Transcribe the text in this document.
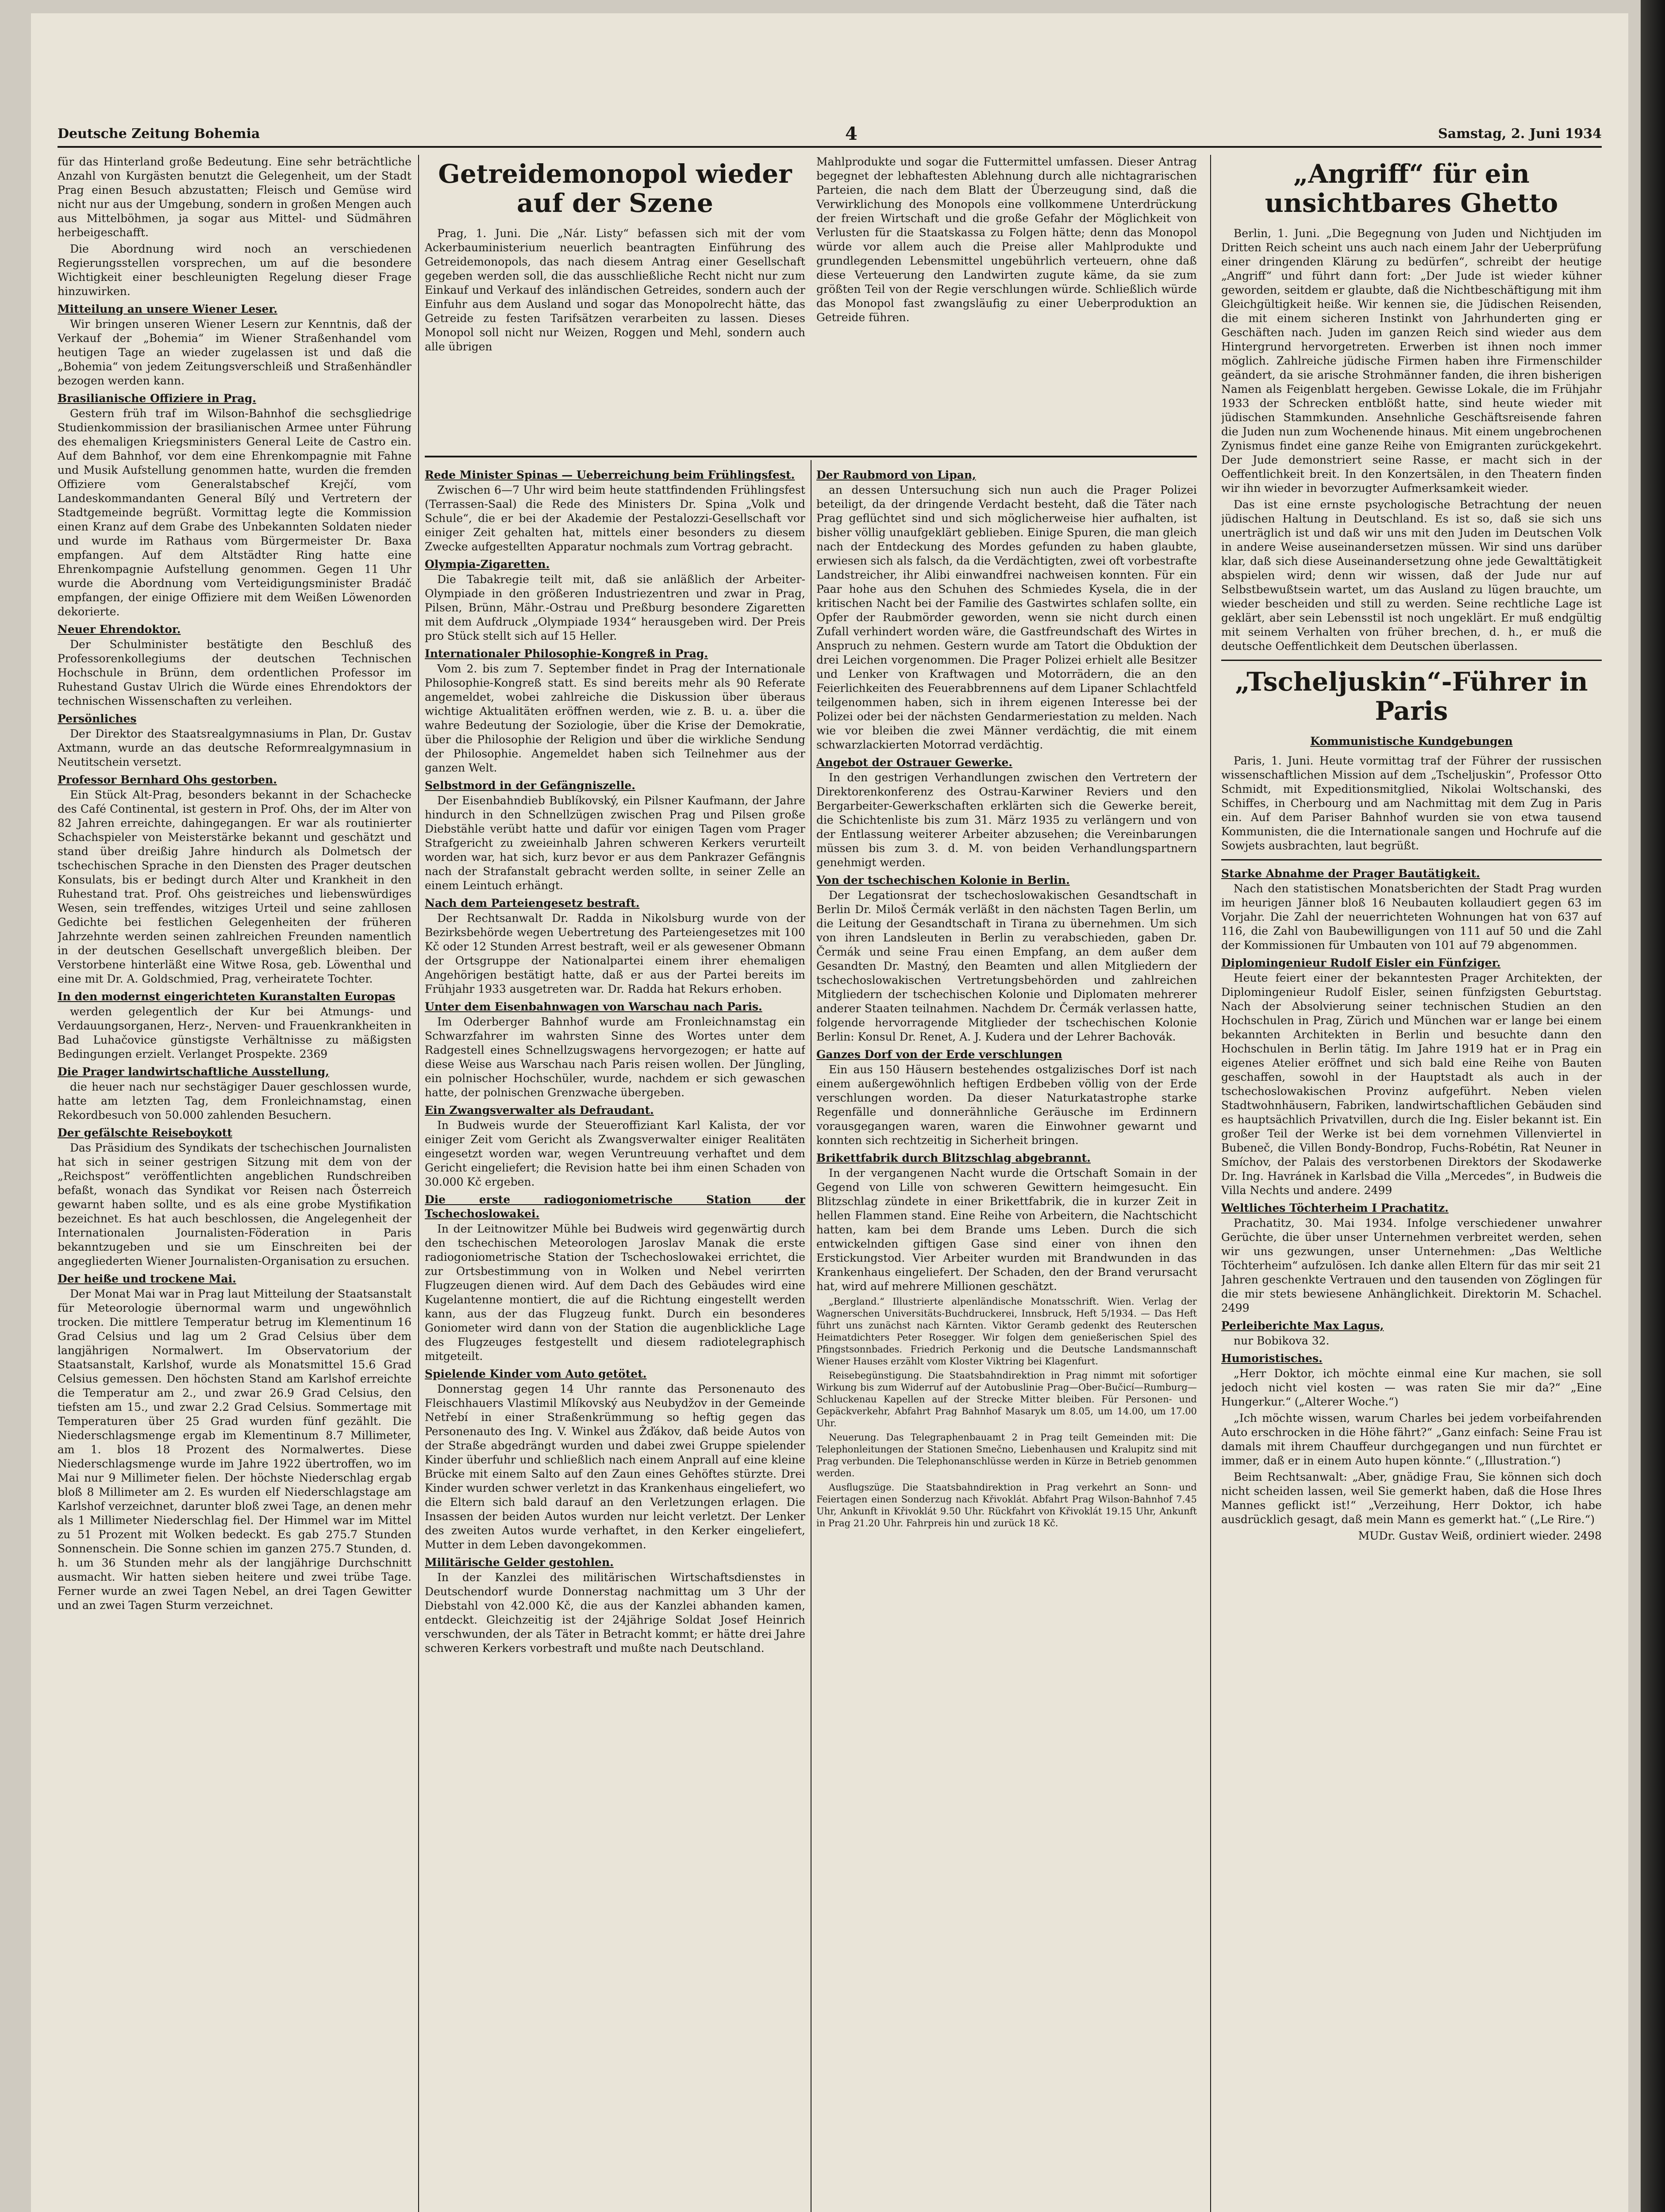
Deutsche Zeitung Bohemia	4	Samstag, 2. Juni 1934

für das Hinterland große Bedeutung. Eine sehr beträchtliche Anzahl von Kurgästen benutzt die Gelegenheit, um der Stadt Prag einen Besuch abzustatten; Fleisch und Gemüse wird nicht nur aus der Umgebung, sondern in großen Mengen auch aus Mittelböhmen, ja sogar aus Mittel- und Südmähren herbeigeschafft.

Die Abordnung wird noch an verschiedenen Regierungsstellen vorsprechen, um auf die besondere Wichtigkeit einer beschleunigten Regelung dieser Frage hinzuwirken.

Mitteilung an unsere Wiener Leser.

Wir bringen unseren Wiener Lesern zur Kenntnis, daß der Verkauf der „Bohemia“ im Wiener Straßenhandel vom heutigen Tage an wieder zugelassen ist und daß die „Bohemia“ von jedem Zeitungsverschleiß und Straßenhändler bezogen werden kann.

Brasilianische Offiziere in Prag.

Gestern früh traf im Wilson-Bahnhof die sechsgliedrige Studienkommission der brasilianischen Armee unter Führung des ehemaligen Kriegsministers General Leite de Castro ein. Auf dem Bahnhof, vor dem eine Ehrenkompagnie mit Fahne und Musik Aufstellung genommen hatte, wurden die fremden Offiziere vom Generalstabschef Krejčí, vom Landeskommandanten General Bílý und Vertretern der Stadtgemeinde begrüßt. Vormittag legte die Kommission einen Kranz auf dem Grabe des Unbekannten Soldaten nieder und wurde im Rathaus vom Bürgermeister Dr. Baxa empfangen. Auf dem Altstädter Ring hatte eine Ehrenkompagnie Aufstellung genommen. Gegen 11 Uhr wurde die Abordnung vom Verteidigungsminister Bradáč empfangen, der einige Offiziere mit dem Weißen Löwenorden dekorierte.

Neuer Ehrendoktor.

Der Schulminister bestätigte den Beschluß des Professorenkollegiums der deutschen Technischen Hochschule in Brünn, dem ordentlichen Professor im Ruhestand Gustav Ulrich die Würde eines Ehrendoktors der technischen Wissenschaften zu verleihen.

Persönliches

Der Direktor des Staatsrealgymnasiums in Plan, Dr. Gustav Axtmann, wurde an das deutsche Reformrealgymnasium in Neutitschein versetzt.

Professor Bernhard Ohs gestorben.

Ein Stück Alt-Prag, besonders bekannt in der Schachecke des Café Continental, ist gestern in Prof. Ohs, der im Alter von 82 Jahren erreichte, dahingegangen. Er war als routinierter Schachspieler von Meisterstärke bekannt und geschätzt und stand über dreißig Jahre hindurch als Dolmetsch der tschechischen Sprache in den Diensten des Prager deutschen Konsulats, bis er bedingt durch Alter und Krankheit in den Ruhestand trat. Prof. Ohs geistreiches und liebenswürdiges Wesen, sein treffendes, witziges Urteil und seine zahllosen Gedichte bei festlichen Gelegenheiten der früheren Jahrzehnte werden seinen zahlreichen Freunden namentlich in der deutschen Gesellschaft unvergeßlich bleiben. Der Verstorbene hinterläßt eine Witwe Rosa, geb. Löwenthal und eine mit Dr. A. Goldschmied, Prag, verheiratete Tochter.

In den modernst eingerichteten Kuranstalten Europas

werden gelegentlich der Kur bei Atmungs- und Verdauungsorganen, Herz-, Nerven- und Frauenkrankheiten in Bad Luhačovice günstigste Verhältnisse zu mäßigsten Bedingungen erzielt. Verlanget Prospekte. 2369

Die Prager landwirtschaftliche Ausstellung,

die heuer nach nur sechstägiger Dauer geschlossen wurde, hatte am letzten Tag, dem Fronleichnamstag, einen Rekordbesuch von 50.000 zahlenden Besuchern.

Der gefälschte Reiseboykott

Das Präsidium des Syndikats der tschechischen Journalisten hat sich in seiner gestrigen Sitzung mit dem von der „Reichspost“ veröffentlichten angeblichen Rundschreiben befaßt, wonach das Syndikat vor Reisen nach Österreich gewarnt haben sollte, und es als eine grobe Mystifikation bezeichnet. Es hat auch beschlossen, die Angelegenheit der Internationalen Journalisten-Föderation in Paris bekanntzugeben und sie um Einschreiten bei der angegliederten Wiener Journalisten-Organisation zu ersuchen.

Der heiße und trockene Mai.

Der Monat Mai war in Prag laut Mitteilung der Staatsanstalt für Meteorologie übernormal warm und ungewöhnlich trocken. Die mittlere Temperatur betrug im Klementinum 16 Grad Celsius und lag um 2 Grad Celsius über dem langjährigen Normalwert. Im Observatorium der Staatsanstalt, Karlshof, wurde als Monatsmittel 15.6 Grad Celsius gemessen. Den höchsten Stand am Karlshof erreichte die Temperatur am 2., und zwar 26.9 Grad Celsius, den tiefsten am 15., und zwar 2.2 Grad Celsius. Sommertage mit Temperaturen über 25 Grad wurden fünf gezählt. Die Niederschlagsmenge ergab im Klementinum 8.7 Millimeter, am 1. blos 18 Prozent des Normalwertes. Diese Niederschlagsmenge wurde im Jahre 1922 übertroffen, wo im Mai nur 9 Millimeter fielen. Der höchste Niederschlag ergab bloß 8 Millimeter am 2. Es wurden elf Niederschlagstage am Karlshof verzeichnet, darunter bloß zwei Tage, an denen mehr als 1 Millimeter Niederschlag fiel. Der Himmel war im Mittel zu 51 Prozent mit Wolken bedeckt. Es gab 275.7 Stunden Sonnenschein. Die Sonne schien im ganzen 275.7 Stunden, d. h. um 36 Stunden mehr als der langjährige Durchschnitt ausmacht. Wir hatten sieben heitere und zwei trübe Tage. Ferner wurde an zwei Tagen Nebel, an drei Tagen Gewitter und an zwei Tagen Sturm verzeichnet.

Getreidemonopol wieder auf der Szene

Prag, 1. Juni. Die „Nár. Listy“ befassen sich mit der vom Ackerbauministerium neuerlich beantragten Einführung des Getreidemonopols, das nach diesem Antrag einer Gesellschaft gegeben werden soll, die das ausschließliche Recht nicht nur zum Einkauf und Verkauf des inländischen Getreides, sondern auch der Einfuhr aus dem Ausland und sogar das Monopolrecht hätte, das Getreide zu festen Tarifsätzen verarbeiten zu lassen. Dieses Monopol soll nicht nur Weizen, Roggen und Mehl, sondern auch alle übrigen

Mahlprodukte und sogar die Futtermittel umfassen. Dieser Antrag begegnet der lebhaftesten Ablehnung durch alle nichtagrarischen Parteien, die nach dem Blatt der Überzeugung sind, daß die Verwirklichung des Monopols eine vollkommene Unterdrückung der freien Wirtschaft und die große Gefahr der Möglichkeit von Verlusten für die Staatskassa zu Folgen hätte; denn das Monopol würde vor allem auch die Preise aller Mahlprodukte und grundlegenden Lebensmittel ungebührlich verteuern, ohne daß diese Verteuerung den Landwirten zugute käme, da sie zum größten Teil von der Regie verschlungen würde. Schließlich würde das Monopol fast zwangsläufig zu einer Ueberproduktion an Getreide führen.

Rede Minister Spinas — Ueberreichung beim Frühlingsfest.

Zwischen 6—7 Uhr wird beim heute stattfindenden Frühlingsfest (Terrassen-Saal) die Rede des Ministers Dr. Spina „Volk und Schule“, die er bei der Akademie der Pestalozzi-Gesellschaft vor einiger Zeit gehalten hat, mittels einer besonders zu diesem Zwecke aufgestellten Apparatur nochmals zum Vortrag gebracht.

Olympia-Zigaretten.

Die Tabakregie teilt mit, daß sie anläßlich der Arbeiter-Olympiade in den größeren Industriezentren und zwar in Prag, Pilsen, Brünn, Mähr.-Ostrau und Preßburg besondere Zigaretten mit dem Aufdruck „Olympiade 1934“ herausgeben wird. Der Preis pro Stück stellt sich auf 15 Heller.

Internationaler Philosophie-Kongreß in Prag.

Vom 2. bis zum 7. September findet in Prag der Internationale Philosophie-Kongreß statt. Es sind bereits mehr als 90 Referate angemeldet, wobei zahlreiche die Diskussion über überaus wichtige Aktualitäten eröffnen werden, wie z. B. u. a. über die wahre Bedeutung der Soziologie, über die Krise der Demokratie, über die Philosophie der Religion und über die wirkliche Sendung der Philosophie. Angemeldet haben sich Teilnehmer aus der ganzen Welt.

Selbstmord in der Gefängniszelle.

Der Eisenbahndieb Bublíkovský, ein Pilsner Kaufmann, der Jahre hindurch in den Schnellzügen zwischen Prag und Pilsen große Diebstähle verübt hatte und dafür vor einigen Tagen vom Prager Strafgericht zu zweieinhalb Jahren schweren Kerkers verurteilt worden war, hat sich, kurz bevor er aus dem Pankrazer Gefängnis nach der Strafanstalt gebracht werden sollte, in seiner Zelle an einem Leintuch erhängt.

Nach dem Parteiengesetz bestraft.

Der Rechtsanwalt Dr. Radda in Nikolsburg wurde von der Bezirksbehörde wegen Uebertretung des Parteiengesetzes mit 100 Kč oder 12 Stunden Arrest bestraft, weil er als gewesener Obmann der Ortsgruppe der Nationalpartei einem ihrer ehemaligen Angehörigen bestätigt hatte, daß er aus der Partei bereits im Frühjahr 1933 ausgetreten war. Dr. Radda hat Rekurs erhoben.

Unter dem Eisenbahnwagen von Warschau nach Paris.

Im Oderberger Bahnhof wurde am Fronleichnamstag ein Schwarzfahrer im wahrsten Sinne des Wortes unter dem Radgestell eines Schnellzugswagens hervorgezogen; er hatte auf diese Weise aus Warschau nach Paris reisen wollen. Der Jüngling, ein polnischer Hochschüler, wurde, nachdem er sich gewaschen hatte, der polnischen Grenzwache übergeben.

Ein Zwangsverwalter als Defraudant.

In Budweis wurde der Steueroffiziant Karl Kalista, der vor einiger Zeit vom Gericht als Zwangsverwalter einiger Realitäten eingesetzt worden war, wegen Veruntreuung verhaftet und dem Gericht eingeliefert; die Revision hatte bei ihm einen Schaden von 30.000 Kč ergeben.

Die erste radiogoniometrische Station der Tschechoslowakei.

In der Leitnowitzer Mühle bei Budweis wird gegenwärtig durch den tschechischen Meteorologen Jaroslav Manak die erste radiogoniometrische Station der Tschechoslowakei errichtet, die zur Ortsbestimmung von in Wolken und Nebel verirrten Flugzeugen dienen wird. Auf dem Dach des Gebäudes wird eine Kugelantenne montiert, die auf die Richtung eingestellt werden kann, aus der das Flugzeug funkt. Durch ein besonderes Goniometer wird dann von der Station die augenblickliche Lage des Flugzeuges festgestellt und diesem radiotelegraphisch mitgeteilt.

Spielende Kinder vom Auto getötet.

Donnerstag gegen 14 Uhr rannte das Personenauto des Fleischhauers Vlastimil Mlíkovský aus Neubydžov in der Gemeinde Netřebí in einer Straßenkrümmung so heftig gegen das Personenauto des Ing. V. Winkel aus Žďákov, daß beide Autos von der Straße abgedrängt wurden und dabei zwei Gruppe spielender Kinder überfuhr und schließlich nach einem Anprall auf eine kleine Brücke mit einem Salto auf den Zaun eines Gehöftes stürzte. Drei Kinder wurden schwer verletzt in das Krankenhaus eingeliefert, wo die Eltern sich bald darauf an den Verletzungen erlagen. Die Insassen der beiden Autos wurden nur leicht verletzt. Der Lenker des zweiten Autos wurde verhaftet, in den Kerker eingeliefert, Mutter in dem Leben davongekommen.

Militärische Gelder gestohlen.

In der Kanzlei des militärischen Wirtschaftsdienstes in Deutschendorf wurde Donnerstag nachmittag um 3 Uhr der Diebstahl von 42.000 Kč, die aus der Kanzlei abhanden kamen, entdeckt. Gleichzeitig ist der 24jährige Soldat Josef Heinrich verschwunden, der als Täter in Betracht kommt; er hätte drei Jahre schweren Kerkers vorbestraft und mußte nach Deutschland.

Der Raubmord von Lipan,

an dessen Untersuchung sich nun auch die Prager Polizei beteiligt, da der dringende Verdacht besteht, daß die Täter nach Prag geflüchtet sind und sich möglicherweise hier aufhalten, ist bisher völlig unaufgeklärt geblieben. Einige Spuren, die man gleich nach der Entdeckung des Mordes gefunden zu haben glaubte, erwiesen sich als falsch, da die Verdächtigten, zwei oft vorbestrafte Landstreicher, ihr Alibi einwandfrei nachweisen konnten. Für ein Paar hohe aus den Schuhen des Schmiedes Kysela, die in der kritischen Nacht bei der Familie des Gastwirtes schlafen sollte, ein Opfer der Raubmörder geworden, wenn sie nicht durch einen Zufall verhindert worden wäre, die Gastfreundschaft des Wirtes in Anspruch zu nehmen. Gestern wurde am Tatort die Obduktion der drei Leichen vorgenommen. Die Prager Polizei erhielt alle Besitzer und Lenker von Kraftwagen und Motorrädern, die an den Feierlichkeiten des Feuerabbrennens auf dem Lipaner Schlachtfeld teilgenommen haben, sich in ihrem eigenen Interesse bei der Polizei oder bei der nächsten Gendarmeriestation zu melden. Nach wie vor bleiben die zwei Männer verdächtig, die mit einem schwarzlackierten Motorrad verdächtig.

Angebot der Ostrauer Gewerke.

In den gestrigen Verhandlungen zwischen den Vertretern der Direktorenkonferenz des Ostrau-Karwiner Reviers und den Bergarbeiter-Gewerkschaften erklärten sich die Gewerke bereit, die Schichtenliste bis zum 31. März 1935 zu verlängern und von der Entlassung weiterer Arbeiter abzusehen; die Vereinbarungen müssen bis zum 3. d. M. von beiden Verhandlungspartnern genehmigt werden.

Von der tschechischen Kolonie in Berlin.

Der Legationsrat der tschechoslowakischen Gesandtschaft in Berlin Dr. Miloš Čermák verläßt in den nächsten Tagen Berlin, um die Leitung der Gesandtschaft in Tirana zu übernehmen. Um sich von ihren Landsleuten in Berlin zu verabschieden, gaben Dr. Čermák und seine Frau einen Empfang, an dem außer dem Gesandten Dr. Mastný, den Beamten und allen Mitgliedern der tschechoslowakischen Vertretungsbehörden und zahlreichen Mitgliedern der tschechischen Kolonie und Diplomaten mehrerer anderer Staaten teilnahmen. Nachdem Dr. Čermák verlassen hatte, folgende hervorragende Mitglieder der tschechischen Kolonie Berlin: Konsul Dr. Renet, A. J. Kudera und der Lehrer Bachovák.

Ganzes Dorf von der Erde verschlungen

Ein aus 150 Häusern bestehendes ostgalizisches Dorf ist nach einem außergewöhnlich heftigen Erdbeben völlig von der Erde verschlungen worden. Da dieser Naturkatastrophe starke Regenfälle und donnerähnliche Geräusche im Erdinnern vorausgegangen waren, waren die Einwohner gewarnt und konnten sich rechtzeitig in Sicherheit bringen.

Brikettfabrik durch Blitzschlag abgebrannt.

In der vergangenen Nacht wurde die Ortschaft Somain in der Gegend von Lille von schweren Gewittern heimgesucht. Ein Blitzschlag zündete in einer Brikettfabrik, die in kurzer Zeit in hellen Flammen stand. Eine Reihe von Arbeitern, die Nachtschicht hatten, kam bei dem Brande ums Leben. Durch die sich entwickelnden giftigen Gase sind einer von ihnen den Erstickungstod. Vier Arbeiter wurden mit Brandwunden in das Krankenhaus eingeliefert. Der Schaden, den der Brand verursacht hat, wird auf mehrere Millionen geschätzt.

„Bergland.“ Illustrierte alpenländische Monatsschrift. Wien. Verlag der Wagnerschen Universitäts-Buchdruckerei, Innsbruck, Heft 5/1934. — Das Heft führt uns zunächst nach Kärnten. Viktor Geramb gedenkt des Reuterschen Heimatdichters Peter Rosegger. Wir folgen dem genießerischen Spiel des Pfingstsonnbades. Friedrich Perkonig und die Deutsche Landsmannschaft Wiener Hauses erzählt vom Kloster Viktring bei Klagenfurt.

Reisebegünstigung. Die Staatsbahndirektion in Prag nimmt mit sofortiger Wirkung bis zum Widerruf auf der Autobuslinie Prag—Ober-Bučicí—Rumburg—Schluckenau Kapellen auf der Strecke Mitter bleiben. Für Personen- und Gepäckverkehr, Abfahrt Prag Bahnhof Masaryk um 8.05, um 14.00, um 17.00 Uhr.

Neuerung. Das Telegraphenbauamt 2 in Prag teilt Gemeinden mit: Die Telephonleitungen der Stationen Smečno, Liebenhausen und Kralupitz sind mit Prag verbunden. Die Telephonanschlüsse werden in Kürze in Betrieb genommen werden.

Ausflugszüge. Die Staatsbahndirektion in Prag verkehrt an Sonn- und Feiertagen einen Sonderzug nach Křivoklát. Abfahrt Prag Wilson-Bahnhof 7.45 Uhr, Ankunft in Křivoklát 9.50 Uhr. Rückfahrt von Křivoklát 19.15 Uhr, Ankunft in Prag 21.20 Uhr. Fahrpreis hin und zurück 18 Kč.

„Angriff“ für ein unsichtbares Ghetto

Berlin, 1. Juni. „Die Begegnung von Juden und Nichtjuden im Dritten Reich scheint uns auch nach einem Jahr der Ueberprüfung einer dringenden Klärung zu bedürfen“, schreibt der heutige „Angriff“ und führt dann fort: „Der Jude ist wieder kühner geworden, seitdem er glaubte, daß die Nichtbeschäftigung mit ihm Gleichgültigkeit heiße. Wir kennen sie, die Jüdischen Reisenden, die mit einem sicheren Instinkt von Jahrhunderten ging er Geschäften nach. Juden im ganzen Reich sind wieder aus dem Hintergrund hervorgetreten. Erwerben ist ihnen noch immer möglich. Zahlreiche jüdische Firmen haben ihre Firmenschilder geändert, da sie arische Strohmänner fanden, die ihren bisherigen Namen als Feigenblatt hergeben. Gewisse Lokale, die im Frühjahr 1933 der Schrecken entblößt hatte, sind heute wieder mit jüdischen Stammkunden. Ansehnliche Geschäftsreisende fahren die Juden nun zum Wochenende hinaus. Mit einem ungebrochenen Zynismus findet eine ganze Reihe von Emigranten zurückgekehrt. Der Jude demonstriert seine Rasse, er macht sich in der Oeffentlichkeit breit. In den Konzertsälen, in den Theatern finden wir ihn wieder in bevorzugter Aufmerksamkeit wieder.

Das ist eine ernste psychologische Betrachtung der neuen jüdischen Haltung in Deutschland. Es ist so, daß sie sich uns unerträglich ist und daß wir uns mit den Juden im Deutschen Volk in andere Weise auseinandersetzen müssen. Wir sind uns darüber klar, daß sich diese Auseinandersetzung ohne jede Gewalttätigkeit abspielen wird; denn wir wissen, daß der Jude nur auf Selbstbewußtsein wartet, um das Ausland zu lügen brauchte, um wieder bescheiden und still zu werden. Seine rechtliche Lage ist geklärt, aber sein Lebensstil ist noch ungeklärt. Er muß endgültig mit seinem Verhalten von früher brechen, d. h., er muß die deutsche Oeffentlichkeit dem Deutschen überlassen.

„Tscheljuskin“-Führer in Paris
Kommunistische Kundgebungen

Paris, 1. Juni. Heute vormittag traf der Führer der russischen wissenschaftlichen Mission auf dem „Tscheljuskin“, Professor Otto Schmidt, mit Expeditionsmitglied, Nikolai Woltschanski, des Schiffes, in Cherbourg und am Nachmittag mit dem Zug in Paris ein. Auf dem Pariser Bahnhof wurden sie von etwa tausend Kommunisten, die die Internationale sangen und Hochrufe auf die Sowjets ausbrachten, laut begrüßt.

Starke Abnahme der Prager Bautätigkeit.

Nach den statistischen Monatsberichten der Stadt Prag wurden im heurigen Jänner bloß 16 Neubauten kollaudiert gegen 63 im Vorjahr. Die Zahl der neuerrichteten Wohnungen hat von 637 auf 116, die Zahl von Baubewilligungen von 111 auf 50 und die Zahl der Kommissionen für Umbauten von 101 auf 79 abgenommen.

Diplomingenieur Rudolf Eisler ein Fünfziger.

Heute feiert einer der bekanntesten Prager Architekten, der Diplomingenieur Rudolf Eisler, seinen fünfzigsten Geburtstag. Nach der Absolvierung seiner technischen Studien an den Hochschulen in Prag, Zürich und München war er lange bei einem bekannten Architekten in Berlin und besuchte dann den Hochschulen in Berlin tätig. Im Jahre 1919 hat er in Prag ein eigenes Atelier eröffnet und sich bald eine Reihe von Bauten geschaffen, sowohl in der Hauptstadt als auch in der tschechoslowakischen Provinz aufgeführt. Neben vielen Stadtwohnhäusern, Fabriken, landwirtschaftlichen Gebäuden sind es hauptsächlich Privatvillen, durch die Ing. Eisler bekannt ist. Ein großer Teil der Werke ist bei dem vornehmen Villenviertel in Bubeneč, die Villen Bondy-Bondrop, Fuchs-Robétin, Rat Neuner in Smíchov, der Palais des verstorbenen Direktors der Skodawerke Dr. Ing. Havránek in Karlsbad die Villa „Mercedes“, in Budweis die Villa Nechts und andere. 2499

Weltliches Töchterheim I Prachatitz.

Prachatitz, 30. Mai 1934. Infolge verschiedener unwahrer Gerüchte, die über unser Unternehmen verbreitet werden, sehen wir uns gezwungen, unser Unternehmen: „Das Weltliche Töchterheim“ aufzulösen. Ich danke allen Eltern für das mir seit 21 Jahren geschenkte Vertrauen und den tausenden von Zöglingen für die mir stets bewiesene Anhänglichkeit. Direktorin M. Schachel. 2499

Perleiberichte Max Lagus,

nur Bobikova 32.

Humoristisches.

„Herr Doktor, ich möchte einmal eine Kur machen, sie soll jedoch nicht viel kosten — was raten Sie mir da?“ „Eine Hungerkur.“ („Alterer Woche.“)

„Ich möchte wissen, warum Charles bei jedem vorbeifahrenden Auto erschrocken in die Höhe fährt?“ „Ganz einfach: Seine Frau ist damals mit ihrem Chauffeur durchgegangen und nun fürchtet er immer, daß er in einem Auto hupen könnte.“ („Illustration.“)

Beim Rechtsanwalt: „Aber, gnädige Frau, Sie können sich doch nicht scheiden lassen, weil Sie gemerkt haben, daß die Hose Ihres Mannes geflickt ist!“ „Verzeihung, Herr Doktor, ich habe ausdrücklich gesagt, daß mein Mann es gemerkt hat.“ („Le Rire.“)

MUDr. Gustav Weiß, ordiniert wieder. 2498
